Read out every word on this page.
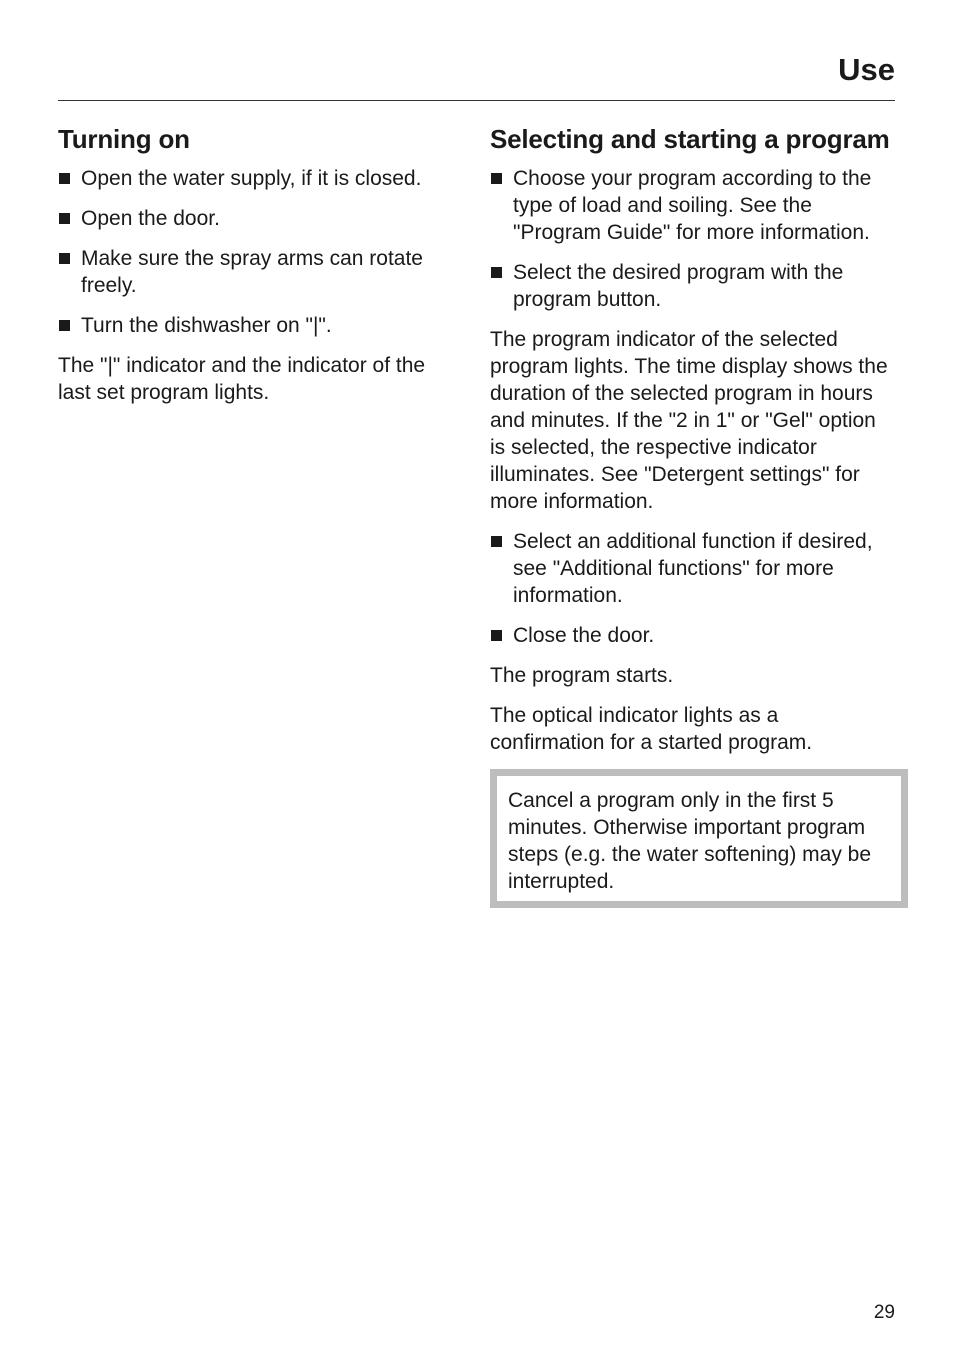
Use
Turning on
Open the water supply, if it is closed.
Open the door.
Make sure the spray arms can rotate freely.
Turn the dishwasher on "|".

The "|" indicator and the indicator of the last set program lights.

Selecting and starting a program
Choose your program according to the type of load and soiling. See the "Program Guide" for more information.
Select the desired program with the program button.

The program indicator of the selected program lights. The time display shows the duration of the selected program in hours and minutes. If the "2 in 1" or "Gel" option is selected, the respective indicator illuminates. See "Detergent settings" for more information.

Select an additional function if desired, see "Additional functions" for more information.
Close the door.

The program starts.

The optical indicator lights as a confirmation for a started program.

Cancel a program only in the first 5 minutes. Otherwise important program steps (e.g. the water softening) may be interrupted.

29
